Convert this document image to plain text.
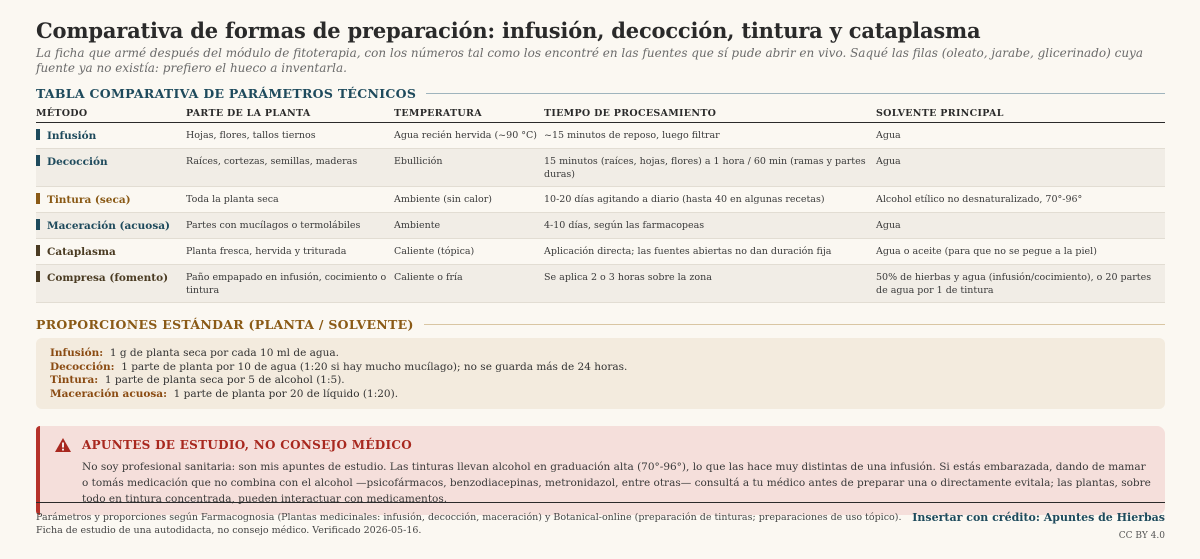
Comparativa de formas de preparación: infusión, decocción, tintura y cataplasma

La ficha que armé después del módulo de fitoterapia, con los números tal como los encontré en las fuentes que sí pude abrir en vivo. Saqué las filas (oleato, jarabe, glicerinado) cuya fuente ya no existía: prefiero el hueco a inventarla.

TABLA COMPARATIVA DE PARÁMETROS TÉCNICOS
MÉTODO	PARTE DE LA PLANTA	TEMPERATURA	TIEMPO DE PROCESAMIENTO	SOLVENTE PRINCIPAL
Infusión	Hojas, flores, tallos tiernos	Agua recién hervida (~90 °C)	~15 minutos de reposo, luego filtrar	Agua
Decocción	Raíces, cortezas, semillas, maderas	Ebullición	15 minutos (raíces, hojas, flores) a 1 hora / 60 min (ramas y partes duras)	Agua
Tintura (seca)	Toda la planta seca	Ambiente (sin calor)	10-20 días agitando a diario (hasta 40 en algunas recetas)	Alcohol etílico no desnaturalizado, 70°-96°
Maceración (acuosa)	Partes con mucílagos o termolábiles	Ambiente	4-10 días, según las farmacopeas	Agua
Cataplasma	Planta fresca, hervida y triturada	Caliente (tópica)	Aplicación directa; las fuentes abiertas no dan duración fija	Agua o aceite (para que no se pegue a la piel)
Compresa (fomento)	Paño empapado en infusión, cocimiento o tintura	Caliente o fría	Se aplica 2 o 3 horas sobre la zona	50% de hierbas y agua (infusión/cocimiento), o 20 partes de agua por 1 de tintura
PROPORCIONES ESTÁNDAR (PLANTA / SOLVENTE)
Infusión: 1 g de planta seca por cada 10 ml de agua.
Decocción: 1 parte de planta por 10 de agua (1:20 si hay mucho mucílago); no se guarda más de 24 horas.
Tintura: 1 parte de planta seca por 5 de alcohol (1:5).
Maceración acuosa: 1 parte de planta por 20 de líquido (1:20).
APUNTES DE ESTUDIO, NO CONSEJO MÉDICO

No soy profesional sanitaria: son mis apuntes de estudio. Las tinturas llevan alcohol en graduación alta (70°-96°), lo que las hace muy distintas de una infusión. Si estás embarazada, dando de mamar o tomás medicación que no combina con el alcohol —psicofármacos, benzodiacepinas, metronidazol, entre otras— consultá a tu médico antes de preparar una o directamente evitala; las plantas, sobre todo en tintura concentrada, pueden interactuar con medicamentos.

Parámetros y proporciones según Farmacognosia (Plantas medicinales: infusión, decocción, maceración) y Botanical-online (preparación de tinturas; preparaciones de uso tópico). Ficha de estudio de una autodidacta, no consejo médico. Verificado 2026-05-16.

Insertar con crédito: Apuntes de Hierbas
CC BY 4.0
